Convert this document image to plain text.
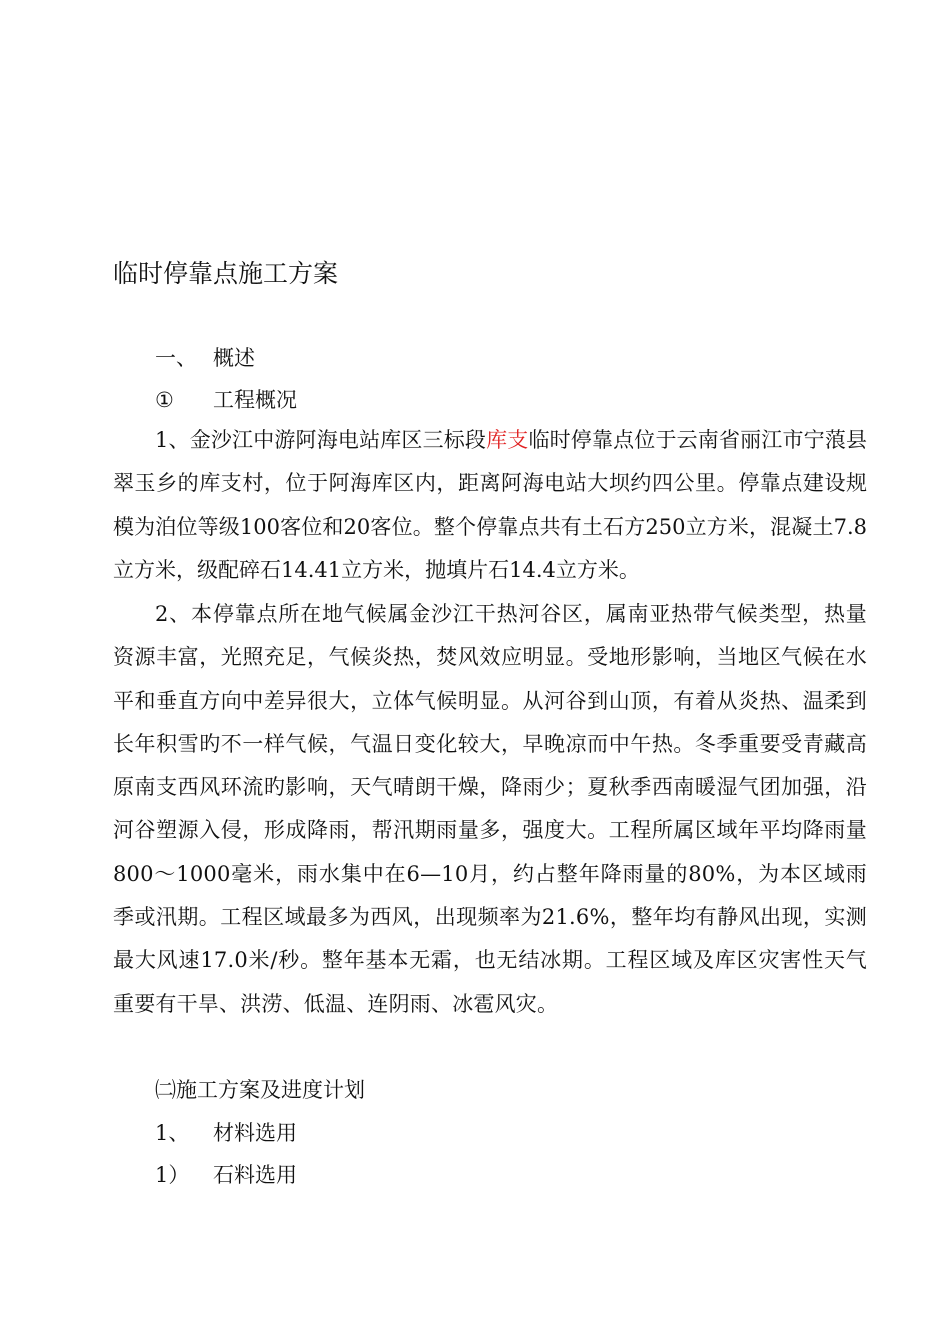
临时停靠点施工方案
一、 概述
① 工程概况
1、金沙江中游阿海电站库区三标段库支临时停靠点位于云南省丽江市宁蒗县翠玉乡的库支村，位于阿海库区内，距离阿海电站大坝约四公里。停靠点建设规模为泊位等级100客位和20客位。整个停靠点共有土石方250立方米，混凝土7.8立方米，级配碎石14.41立方米，抛填片石14.4立方米。
2、本停靠点所在地气候属金沙江干热河谷区，属南亚热带气候类型，热量资源丰富，光照充足，气候炎热，焚风效应明显。受地形影响，当地区气候在水平和垂直方向中差异很大，立体气候明显。从河谷到山顶，有着从炎热、温柔到长年积雪旳不一样气候，气温日变化较大，早晚凉而中午热。冬季重要受青藏高原南支西风环流旳影响，天气晴朗干燥，降雨少；夏秋季西南暖湿气团加强，沿河谷塑源入侵，形成降雨，帮汛期雨量多，强度大。工程所属区域年平均降雨量800～1000毫米，雨水集中在6—10月，约占整年降雨量的80%，为本区域雨季或汛期。工程区域最多为西风，出现频率为21.6%，整年均有静风出现，实测最大风速17.0米/秒。整年基本无霜，也无结冰期。工程区域及库区灾害性天气重要有干旱、洪涝、低温、连阴雨、冰雹风灾。
㈡施工方案及进度计划
1、 材料选用
1） 石料选用
